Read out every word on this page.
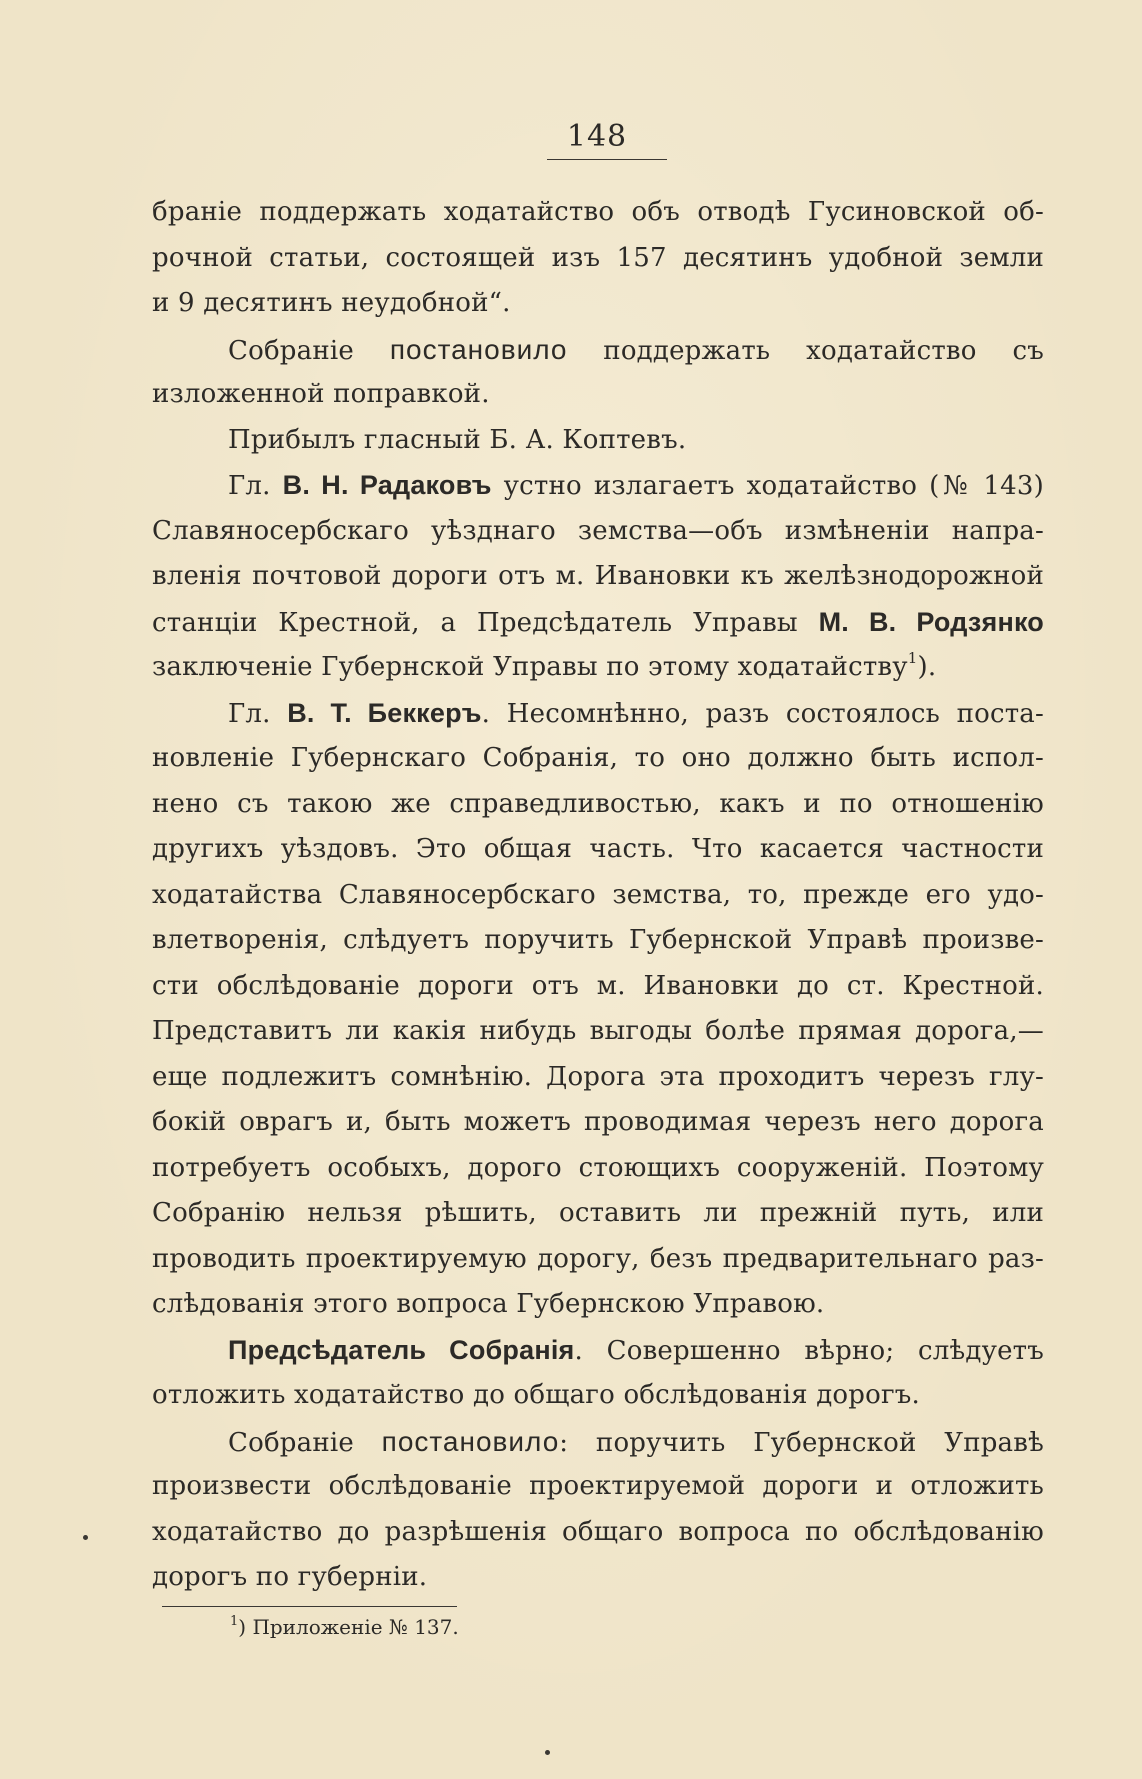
148
браніе поддержать ходатайство объ отводѣ Гусиновской об-
рочной статьи, состоящей изъ 157 десятинъ удобной земли
и 9 десятинъ неудобной“.
Собраніе постановило поддержать ходатайство съ
изложенной поправкой.
Прибылъ гласный Б. А. Коптевъ.
Гл. В. Н. Радаковъ устно излагаетъ ходатайство (№ 143)
Славяносербскаго уѣзднаго земства—объ измѣненіи напра-
вленія почтовой дороги отъ м. Ивановки къ желѣзнодорожной
станціи Крестной, а Предсѣдатель Управы М. В. Родзянко
заключеніе Губернской Управы по этому ходатайству$^1$).
Гл. В. Т. Беккеръ. Несомнѣнно, разъ состоялось поста-
новленіе Губернскаго Собранія, то оно должно быть испол-
нено съ такою же справедливостью, какъ и по отношенію
другихъ уѣздовъ. Это общая часть. Что касается частности
ходатайства Славяносербскаго земства, то, прежде его удо-
влетворенія, слѣдуетъ поручить Губернской Управѣ произве-
сти обслѣдованіе дороги отъ м. Ивановки до ст. Крестной.
Представитъ ли какія нибудь выгоды болѣе прямая дорога,—
еще подлежитъ сомнѣнію. Дорога эта проходитъ черезъ глу-
бокій оврагъ и, быть можетъ проводимая черезъ него дорога
потребуетъ особыхъ, дорого стоющихъ сооруженій. Поэтому
Собранію нельзя рѣшить, оставить ли прежній путь, или
проводить проектируемую дорогу, безъ предварительнаго раз-
слѣдованія этого вопроса Губернскою Управою.
Предсѣдатель Собранія. Совершенно вѣрно; слѣдуетъ
отложить ходатайство до общаго обслѣдованія дорогъ.
Собраніе постановило: поручить Губернской Управѣ
произвести обслѣдованіе проектируемой дороги и отложить
ходатайство до разрѣшенія общаго вопроса по обслѣдованію
дорогъ по губерніи.
$^1$) Приложеніе № 137.
